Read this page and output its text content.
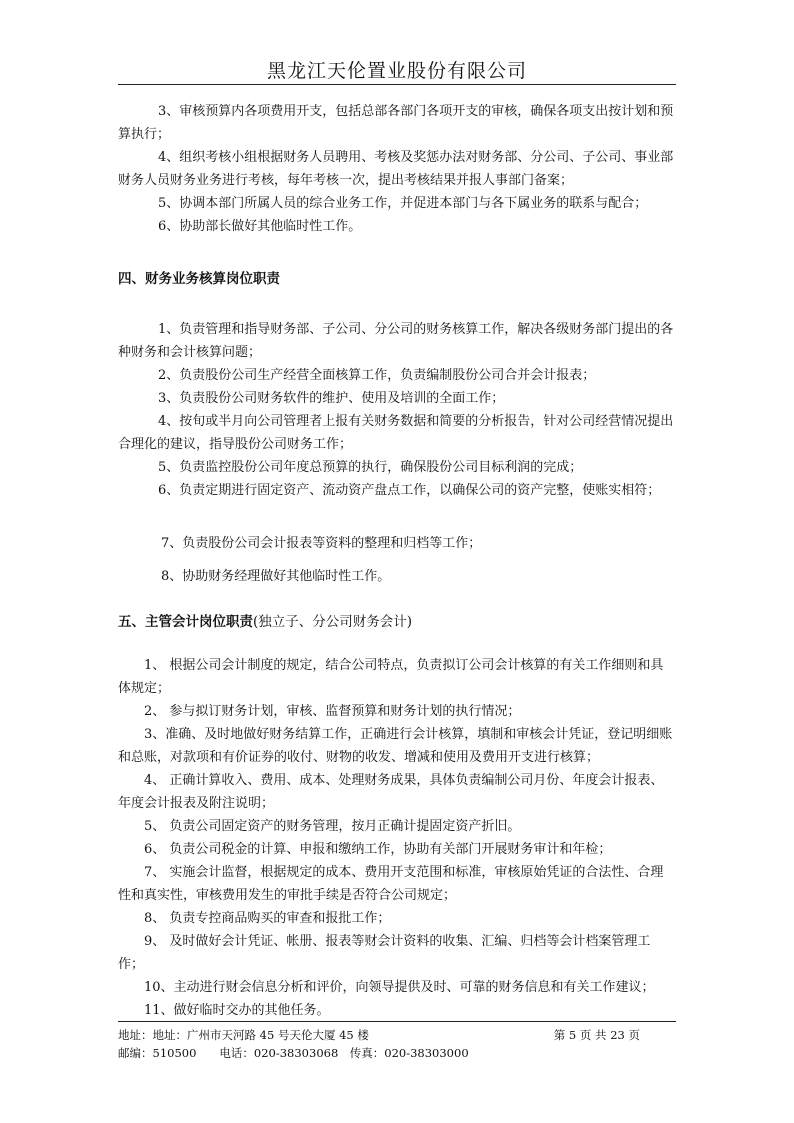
黑龙江天伦置业股份有限公司

3、审核预算内各项费用开支，包括总部各部门各项开支的审核，确保各项支出按计划和预算执行；

4、组织考核小组根据财务人员聘用、考核及奖惩办法对财务部、分公司、子公司、事业部财务人员财务业务进行考核，每年考核一次，提出考核结果并报人事部门备案；

5、协调本部门所属人员的综合业务工作，并促进本部门与各下属业务的联系与配合；

6、协助部长做好其他临时性工作。

四、财务业务核算岗位职责

1、负责管理和指导财务部、子公司、分公司的财务核算工作，解决各级财务部门提出的各种财务和会计核算问题；

2、负责股份公司生产经营全面核算工作，负责编制股份公司合并会计报表；

3、负责股份公司财务软件的维护、使用及培训的全面工作；

4、按旬或半月向公司管理者上报有关财务数据和简要的分析报告，针对公司经营情况提出合理化的建议，指导股份公司财务工作；

5、负责监控股份公司年度总预算的执行，确保股份公司目标利润的完成；

6、负责定期进行固定资产、流动资产盘点工作，以确保公司的资产完整，使账实相符；

7、负责股份公司会计报表等资料的整理和归档等工作；

8、协助财务经理做好其他临时性工作。

五、主管会计岗位职责(独立子、分公司财务会计)

1、 根据公司会计制度的规定，结合公司特点，负责拟订公司会计核算的有关工作细则和具体规定；

2、 参与拟订财务计划，审核、监督预算和财务计划的执行情况；

3、准确、及时地做好财务结算工作，正确进行会计核算，填制和审核会计凭证，登记明细账和总账，对款项和有价证券的收付、财物的收发、增减和使用及费用开支进行核算；

4、 正确计算收入、费用、成本、处理财务成果，具体负责编制公司月份、年度会计报表、年度会计报表及附注说明；

5、 负责公司固定资产的财务管理，按月正确计提固定资产折旧。

6、 负责公司税金的计算、申报和缴纳工作，协助有关部门开展财务审计和年检；

7、 实施会计监督，根据规定的成本、费用开支范围和标准，审核原始凭证的合法性、合理性和真实性，审核费用发生的审批手续是否符合公司规定；

8、 负责专控商品购买的审查和报批工作；

9、 及时做好会计凭证、帐册、报表等财会计资料的收集、汇编、归档等会计档案管理工作；

10、主动进行财会信息分析和评价，向领导提供及时、可靠的财务信息和有关工作建议；

11、做好临时交办的其他任务。

地址：地址：广州市天河路 45 号天伦大厦 45 楼	第 5 页 共 23 页
邮编：510500　　电话：020-38303068　传真：020-38303000
